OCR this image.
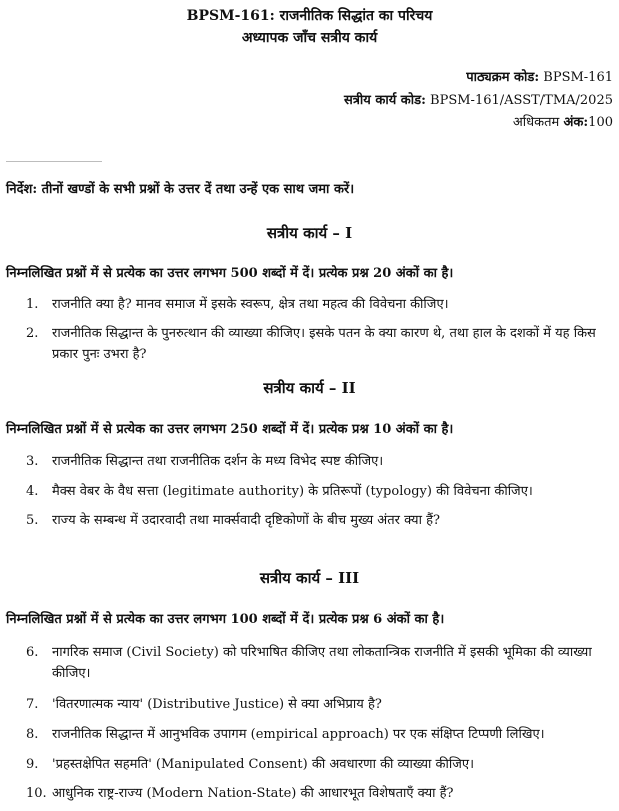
BPSM-161: राजनीतिक सिद्धांत का परिचय
अध्यापक जाँच सत्रीय कार्य
पाठ्यक्रम कोड: BPSM-161
सत्रीय कार्य कोड: BPSM-161/ASST/TMA/2025
अधिकतम अंक:100
निर्देश: तीनों खण्डों के सभी प्रश्नों के उत्तर दें तथा उन्हें एक साथ जमा करें।
सत्रीय कार्य – I
निम्नलिखित प्रश्नों में से प्रत्येक का उत्तर लगभग 500 शब्दों में दें। प्रत्येक प्रश्न 20 अंकों का है।
1.	राजनीति क्या है? मानव समाज में इसके स्वरूप, क्षेत्र तथा महत्व की विवेचना कीजिए।
2.	राजनीतिक सिद्धान्त के पुनरुत्थान की व्याख्या कीजिए। इसके पतन के क्या कारण थे, तथा हाल के दशकों में यह किस प्रकार पुनः उभरा है?
सत्रीय कार्य – II
निम्नलिखित प्रश्नों में से प्रत्येक का उत्तर लगभग 250 शब्दों में दें। प्रत्येक प्रश्न 10 अंकों का है।
3.	राजनीतिक सिद्धान्त तथा राजनीतिक दर्शन के मध्य विभेद स्पष्ट कीजिए।
4.	मैक्स वेबर के वैध सत्ता (legitimate authority) के प्रतिरूपों (typology) की विवेचना कीजिए।
5.	राज्य के सम्बन्ध में उदारवादी तथा मार्क्सवादी दृष्टिकोणों के बीच मुख्य अंतर क्या हैं?
सत्रीय कार्य – III
निम्नलिखित प्रश्नों में से प्रत्येक का उत्तर लगभग 100 शब्दों में दें। प्रत्येक प्रश्न 6 अंकों का है।
6.	नागरिक समाज (Civil Society) को परिभाषित कीजिए तथा लोकतान्त्रिक राजनीति में इसकी भूमिका की व्याख्या कीजिए।
7.	'वितरणात्मक न्याय' (Distributive Justice) से क्या अभिप्राय है?
8.	राजनीतिक सिद्धान्त में आनुभविक उपागम (empirical approach) पर एक संक्षिप्त टिप्पणी लिखिए।
9.	'प्रहस्तक्षेपित सहमति' (Manipulated Consent) की अवधारणा की व्याख्या कीजिए।
10. आधुनिक राष्ट्र-राज्य (Modern Nation-State) की आधारभूत विशेषताएँ क्या हैं?
